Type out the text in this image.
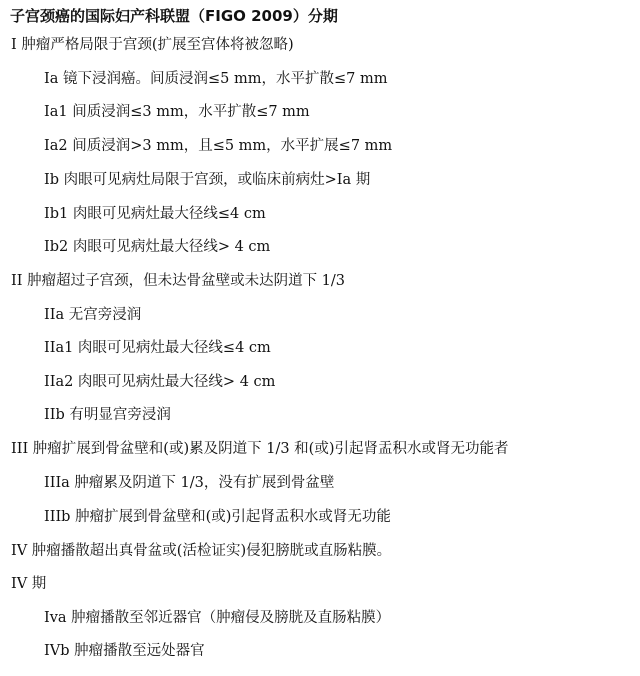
子宫颈癌的国际妇产科联盟（FIGO 2009）分期
I 肿瘤严格局限于宫颈(扩展至宫体将被忽略)
Ia 镜下浸润癌。间质浸润≤5 mm，水平扩散≤7 mm
Ia1 间质浸润≤3 mm，水平扩散≤7 mm
Ia2 间质浸润>3 mm，且≤5 mm，水平扩展≤7 mm
Ib 肉眼可见病灶局限于宫颈，或临床前病灶>Ia 期
Ib1 肉眼可见病灶最大径线≤4 cm
Ib2 肉眼可见病灶最大径线> 4 cm
II 肿瘤超过子宫颈，但未达骨盆壁或未达阴道下 1/3
IIa 无宫旁浸润
IIa1 肉眼可见病灶最大径线≤4 cm
IIa2 肉眼可见病灶最大径线> 4 cm
IIb 有明显宫旁浸润
III 肿瘤扩展到骨盆壁和(或)累及阴道下 1/3 和(或)引起肾盂积水或肾无功能者
IIIa 肿瘤累及阴道下 1/3，没有扩展到骨盆壁
IIIb 肿瘤扩展到骨盆壁和(或)引起肾盂积水或肾无功能
IV 肿瘤播散超出真骨盆或(活检证实)侵犯膀胱或直肠粘膜。
IV 期
Iva 肿瘤播散至邻近器官（肿瘤侵及膀胱及直肠粘膜）
IVb 肿瘤播散至远处器官
